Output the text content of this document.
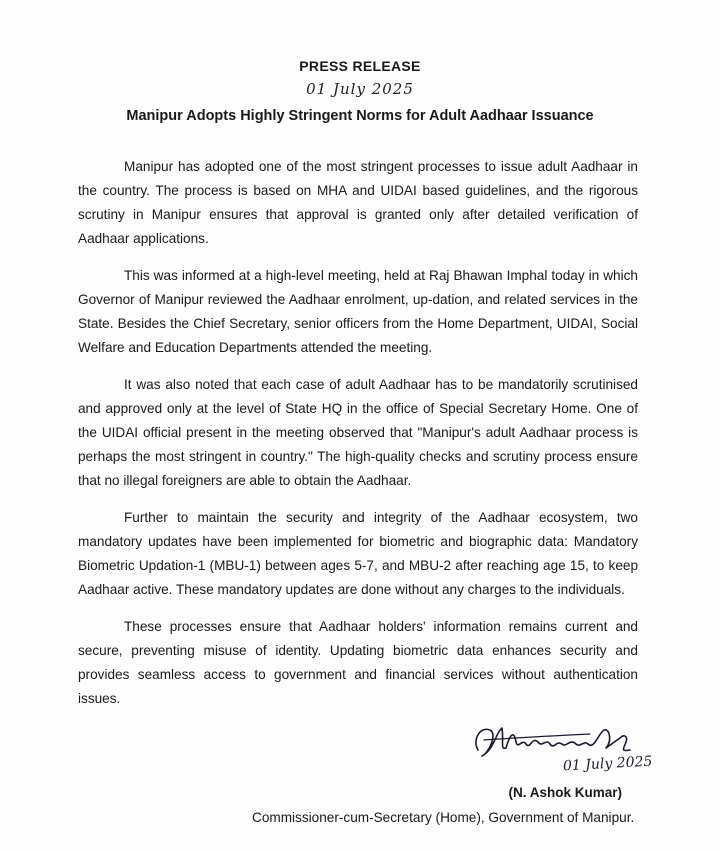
PRESS RELEASE
01 July 2025
Manipur Adopts Highly Stringent Norms for Adult Aadhaar Issuance

Manipur has adopted one of the most stringent processes to issue adult Aadhaar in the country. The process is based on MHA and UIDAI based guidelines, and the rigorous scrutiny in Manipur ensures that approval is granted only after detailed verification of Aadhaar applications.

This was informed at a high-level meeting, held at Raj Bhawan Imphal today in which Governor of Manipur reviewed the Aadhaar enrolment, up-dation, and related services in the State. Besides the Chief Secretary, senior officers from the Home Department, UIDAI, Social Welfare and Education Departments attended the meeting.

It was also noted that each case of adult Aadhaar has to be mandatorily scrutinised and approved only at the level of State HQ in the office of Special Secretary Home. One of the UIDAI official present in the meeting observed that "Manipur's adult Aadhaar process is perhaps the most stringent in country." The high-quality checks and scrutiny process ensure that no illegal foreigners are able to obtain the Aadhaar.

Further to maintain the security and integrity of the Aadhaar ecosystem, two mandatory updates have been implemented for biometric and biographic data: Mandatory Biometric Updation-1 (MBU-1) between ages 5-7, and MBU-2 after reaching age 15, to keep Aadhaar active. These mandatory updates are done without any charges to the individuals.

These processes ensure that Aadhaar holders' information remains current and secure, preventing misuse of identity. Updating biometric data enhances security and provides seamless access to government and financial services without authentication issues.

01 July 2025
(N. Ashok Kumar)
Commissioner-cum-Secretary (Home), Government of Manipur.
